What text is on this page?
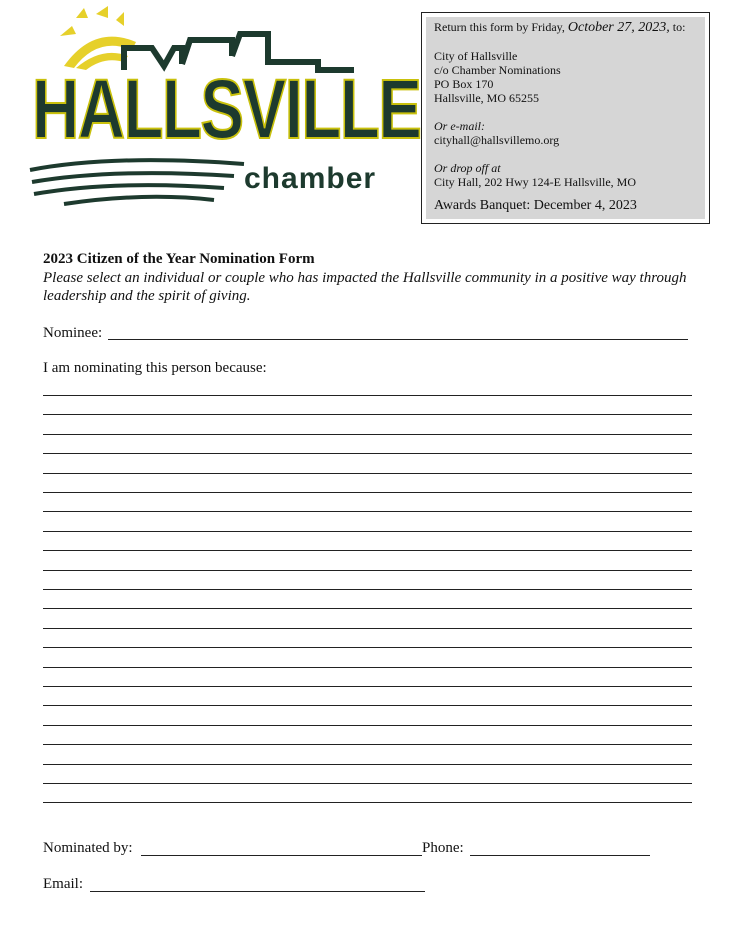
HALLSVILLE
chamber
Return this form by Friday, October 27, 2023, to:
City of Hallsville
c/o Chamber Nominations
PO Box 170
Hallsville, MO 65255
Or e-mail:
cityhall@hallsvillemo.org
Or drop off at
City Hall, 202 Hwy 124-E Hallsville, MO
Awards Banquet: December 4, 2023
2023 Citizen of the Year Nomination Form
Please select an individual or couple who has impacted the Hallsville community in a positive way through leadership and the spirit of giving.
Nominee:
I am nominating this person because:
Nominated by:	Phone:
Email:
